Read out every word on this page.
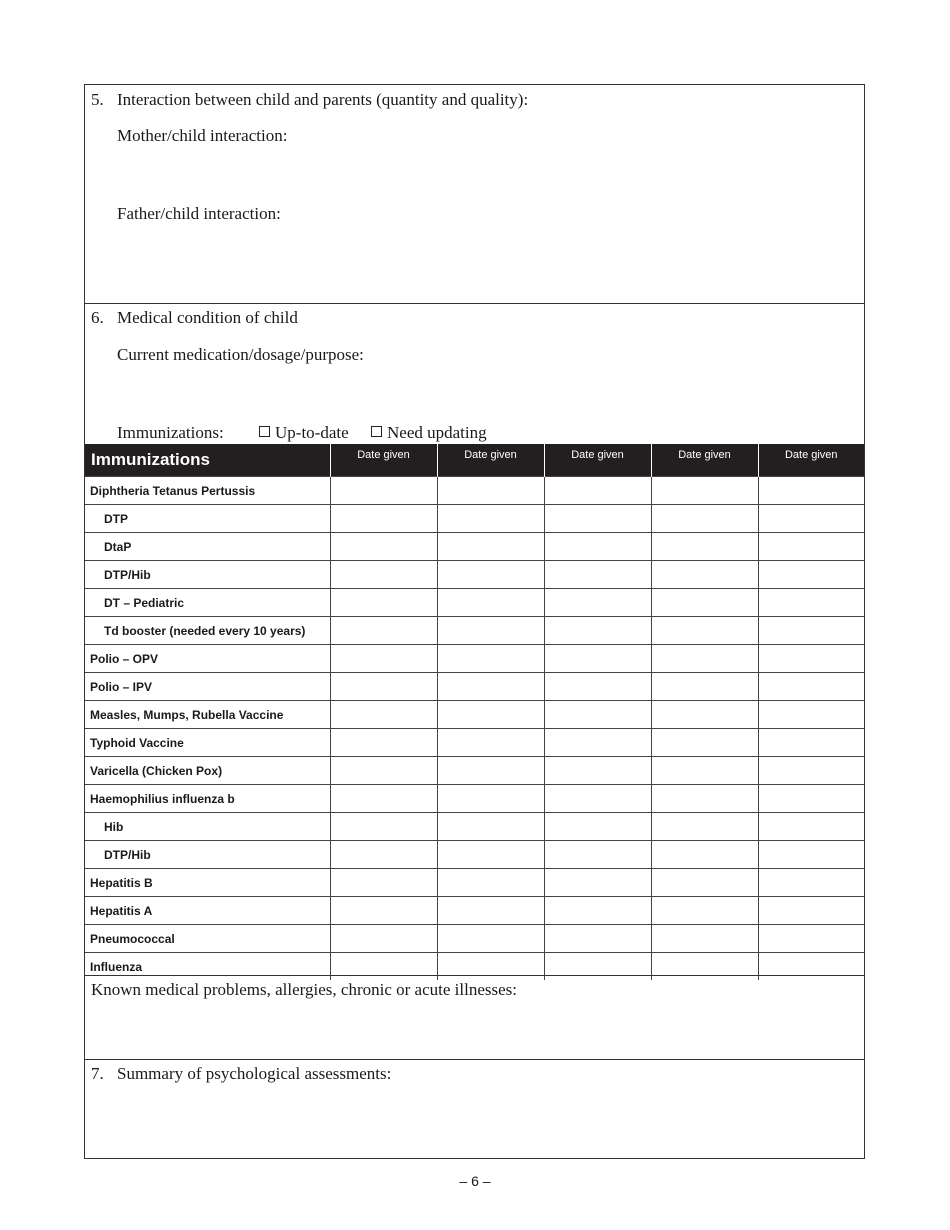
5. Interaction between child and parents (quantity and quality):
Mother/child interaction:
Father/child interaction:
6. Medical condition of child
Current medication/dosage/purpose:
Immunizations:	Up-to-date	Need updating
Immunizations	Date given	Date given	Date given	Date given	Date given
Diphtheria Tetanus Pertussis					
DTP					
DtaP					
DTP/Hib					
DT – Pediatric					
Td booster (needed every 10 years)					
Polio – OPV					
Polio – IPV					
Measles, Mumps, Rubella Vaccine					
Typhoid Vaccine					
Varicella (Chicken Pox)					
Haemophilius influenza b					
Hib					
DTP/Hib					
Hepatitis B					
Hepatitis A					
Pneumococcal					
Influenza					
Known medical problems, allergies, chronic or acute illnesses:
7. Summary of psychological assessments:
– 6 –
